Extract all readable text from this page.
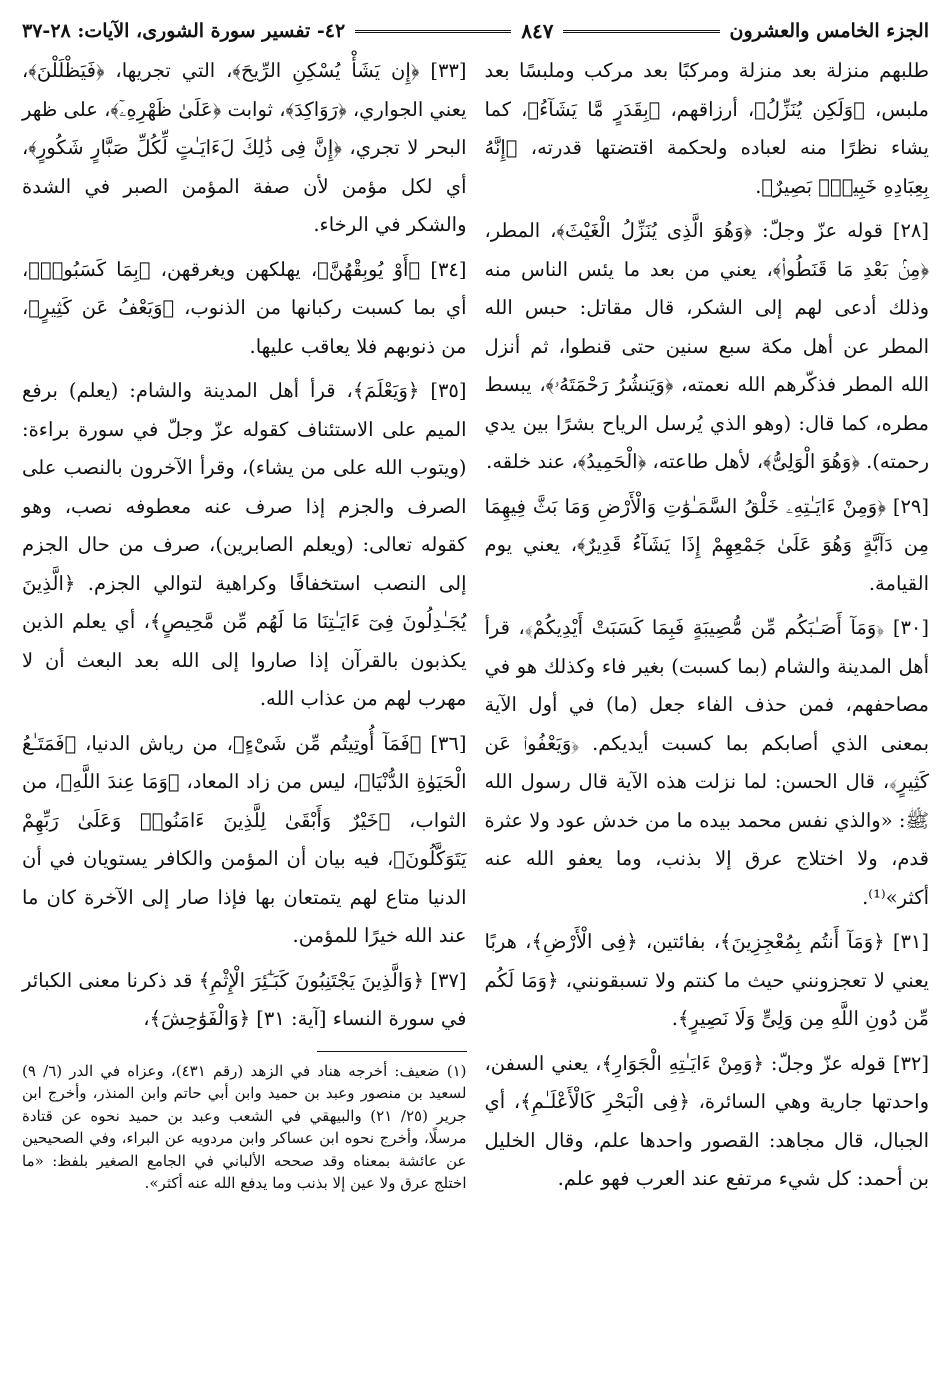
الجزء الخامس والعشرون
٨٤٧
٤٢- تفسير سورة الشورى، الآيات: ٢٨-٣٧

طلبهم منزلة بعد منزلة ومركبًا بعد مركب وملبسًا بعد ملبس، ﴿وَلَكِن يُنَزِّلُ﴾، أرزاقهم، ﴿بِقَدَرٍ مَّا يَشَآءُ﴾، كما يشاء نظرًا منه لعباده ولحكمة اقتضتها قدرته، ﴿إِنَّهُ بِعِبَادِهِ خَبِيرُۢ بَصِيرٌ﴾.

[٢٨] قوله عزّ وجلّ: ﴿وَهُوَ الَّذِى يُنَزِّلُ الْغَيْثَ﴾، المطر، ﴿مِنۢ بَعْدِ مَا قَنَطُوا۟﴾، يعني من بعد ما يئس الناس منه وذلك أدعى لهم إلى الشكر، قال مقاتل: حبس الله المطر عن أهل مكة سبع سنين حتى قنطوا، ثم أنزل الله المطر فذكّرهم الله نعمته، ﴿وَيَنشُرُ رَحْمَتَهُۥ﴾، يبسط مطره، كما قال: (وهو الذي يُرسل الرياح بشرًا بين يدي رحمته). ﴿وَهُوَ الْوَلِىُّ﴾، لأهل طاعته، ﴿الْحَمِيدُ﴾، عند خلقه.

[٢٩] ﴿وَمِنْ ءَايَـٰتِهِۦ خَلْقُ السَّمَـٰوَٰتِ وَالْأَرْضِ وَمَا بَثَّ فِيهِمَا مِن دَآبَّةٍ وَهُوَ عَلَىٰ جَمْعِهِمْ إِذَا يَشَآءُ قَدِيرٌ﴾، يعني يوم القيامة.

[٣٠] ﴿وَمَآ أَصَـٰبَكُم مِّن مُّصِيبَةٍ فَبِمَا كَسَبَتْ أَيْدِيكُمْ﴾، قرأ أهل المدينة والشام (بما كسبت) بغير فاء وكذلك هو في مصاحفهم، فمن حذف الفاء جعل (ما) في أول الآية بمعنى الذي أصابكم بما كسبت أيديكم. ﴿وَيَعْفُوا۟ عَن كَثِيرٍ﴾، قال الحسن: لما نزلت هذه الآية قال رسول الله ﷺ: «والذي نفس محمد بيده ما من خدش عود ولا عثرة قدم، ولا اختلاج عرق إلا بذنب، وما يعفو الله عنه أكثر»⁽¹⁾.

[٣١] ﴿وَمَآ أَنتُم بِمُعْجِزِينَ﴾، بفائتين، ﴿فِى الْأَرْضِ﴾، هربًا يعني لا تعجزونني حيث ما كنتم ولا تسبقونني، ﴿وَمَا لَكُم مِّن دُونِ اللَّهِ مِن وَلِىٍّ وَلَا نَصِيرٍ﴾.

[٣٢] قوله عزّ وجلّ: ﴿وَمِنْ ءَايَـٰتِهِ الْجَوَارِ﴾، يعني السفن، واحدتها جارية وهي السائرة، ﴿فِى الْبَحْرِ كَالْأَعْلَـٰمِ﴾، أي الجبال، قال مجاهد: القصور واحدها علم، وقال الخليل بن أحمد: كل شيء مرتفع عند العرب فهو علم.

[٣٣] ﴿إِن يَشَأْ يُسْكِنِ الرِّيحَ﴾، التي تجريها، ﴿فَيَظْلَلْنَ﴾، يعني الجواري، ﴿رَوَاكِدَ﴾، ثوابت ﴿عَلَىٰ ظَهْرِهِۦٓ﴾، على ظهر البحر لا تجري، ﴿إِنَّ فِى ذَٰلِكَ لَءَايَـٰتٍ لِّكُلِّ صَبَّارٍ شَكُورٍ﴾، أي لكل مؤمن لأن صفة المؤمن الصبر في الشدة والشكر في الرخاء.

[٣٤] ﴿أَوْ يُوبِقْهُنَّ﴾، يهلكهن ويغرقهن، ﴿بِمَا كَسَبُوا۟﴾، أي بما كسبت ركبانها من الذنوب، ﴿وَيَعْفُ عَن كَثِيرٍ﴾، من ذنوبهم فلا يعاقب عليها.

[٣٥] ﴿وَيَعْلَمَ﴾، قرأ أهل المدينة والشام: (يعلم) برفع الميم على الاستئناف كقوله عزّ وجلّ في سورة براءة: (ويتوب الله على من يشاء)، وقرأ الآخرون بالنصب على الصرف والجزم إذا صرف عنه معطوفه نصب، وهو كقوله تعالى: (ويعلم الصابرين)، صرف من حال الجزم إلى النصب استخفافًا وكراهية لتوالي الجزم. ﴿الَّذِينَ يُجَـٰدِلُونَ فِىٓ ءَايَـٰتِنَا مَا لَهُم مِّن مَّحِيصٍ﴾، أي يعلم الذين يكذبون بالقرآن إذا صاروا إلى الله بعد البعث أن لا مهرب لهم من عذاب الله.

[٣٦] ﴿فَمَآ أُوتِيتُم مِّن شَىْءٍ﴾، من رياش الدنيا، ﴿فَمَتَـٰعُ الْحَيَوٰةِ الدُّنْيَا﴾، ليس من زاد المعاد، ﴿وَمَا عِندَ اللَّهِ﴾، من الثواب، ﴿خَيْرٌ وَأَبْقَىٰ لِلَّذِينَ ءَامَنُوا۟ وَعَلَىٰ رَبِّهِمْ يَتَوَكَّلُونَ﴾، فيه بيان أن المؤمن والكافر يستويان في أن الدنيا متاع لهم يتمتعان بها فإذا صار إلى الآخرة كان ما عند الله خيرًا للمؤمن.

[٣٧] ﴿وَالَّذِينَ يَجْتَنِبُونَ كَبَـٰٓئِرَ الْإِثْمِ﴾ قد ذكرنا معنى الكبائر في سورة النساء [آية: ٣١] ﴿وَالْفَوَٰحِشَ﴾،

(١) ضعيف: أخرجه هناد في الزهد (رقم ٤٣١)، وعزاه في الدر (٦/ ٩) لسعيد بن منصور وعبد بن حميد وابن أبي حاتم وابن المنذر، وأخرج ابن جرير (٢٥/ ٢١) والبيهقي في الشعب وعبد بن حميد نحوه عن قتادة مرسلًا، وأخرج نحوه ابن عساكر وابن مردويه عن البراء، وفي الصحيحين عن عائشة بمعناه وقد صححه الألباني في الجامع الصغير بلفظ: «ما اختلج عرق ولا عين إلا بذنب وما يدفع الله عنه أكثر».
